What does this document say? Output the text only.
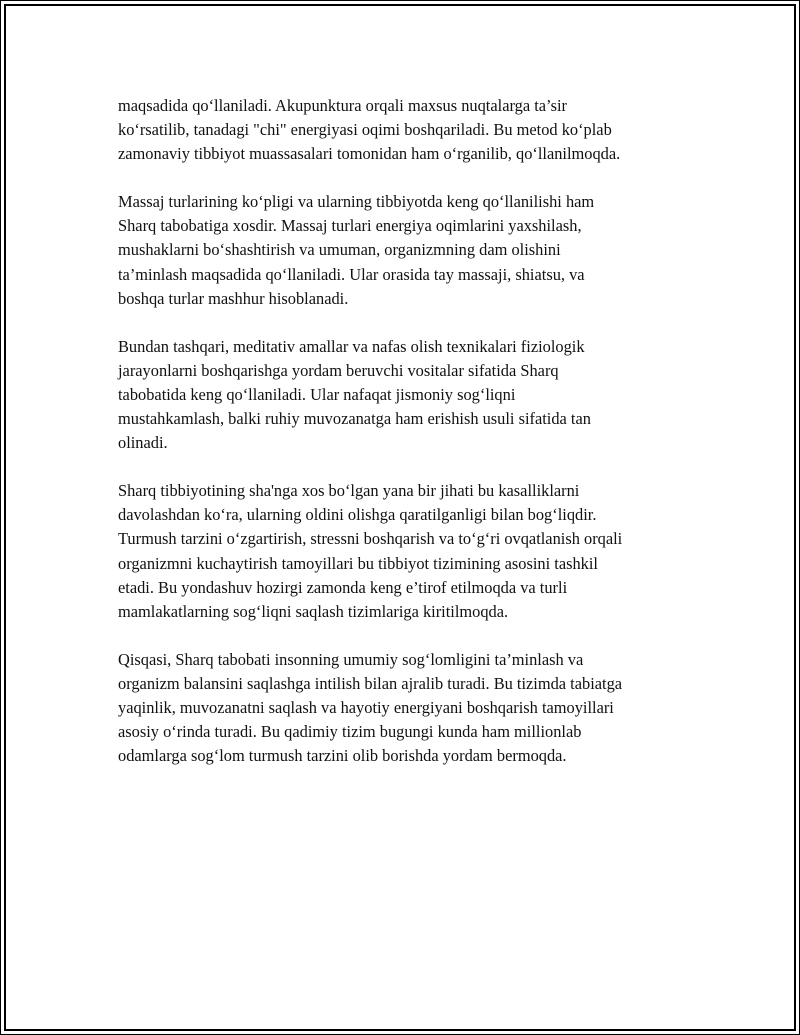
maqsadida qo‘llaniladi. Akupunktura orqali maxsus nuqtalarga ta’sir
ko‘rsatilib, tanadagi "chi" energiyasi oqimi boshqariladi. Bu metod ko‘plab
zamonaviy tibbiyot muassasalari tomonidan ham o‘rganilib, qo‘llanilmoqda.

Massaj turlarining ko‘pligi va ularning tibbiyotda keng qo‘llanilishi ham
Sharq tabobatiga xosdir. Massaj turlari energiya oqimlarini yaxshilash,
mushaklarni bo‘shashtirish va umuman, organizmning dam olishini
ta’minlash maqsadida qo‘llaniladi. Ular orasida tay massaji, shiatsu, va
boshqa turlar mashhur hisoblanadi.

Bundan tashqari, meditativ amallar va nafas olish texnikalari fiziologik
jarayonlarni boshqarishga yordam beruvchi vositalar sifatida Sharq
tabobatida keng qo‘llaniladi. Ular nafaqat jismoniy sog‘liqni
mustahkamlash, balki ruhiy muvozanatga ham erishish usuli sifatida tan
olinadi.

Sharq tibbiyotining sha'nga xos bo‘lgan yana bir jihati bu kasalliklarni
davolashdan ko‘ra, ularning oldini olishga qaratilganligi bilan bog‘liqdir.
Turmush tarzini o‘zgartirish, stressni boshqarish va to‘g‘ri ovqatlanish orqali
organizmni kuchaytirish tamoyillari bu tibbiyot tizimining asosini tashkil
etadi. Bu yondashuv hozirgi zamonda keng e’tirof etilmoqda va turli
mamlakatlarning sog‘liqni saqlash tizimlariga kiritilmoqda.

Qisqasi, Sharq tabobati insonning umumiy sog‘lomligini ta’minlash va
organizm balansini saqlashga intilish bilan ajralib turadi. Bu tizimda tabiatga
yaqinlik, muvozanatni saqlash va hayotiy energiyani boshqarish tamoyillari
asosiy o‘rinda turadi. Bu qadimiy tizim bugungi kunda ham millionlab
odamlarga sog‘lom turmush tarzini olib borishda yordam bermoqda.
